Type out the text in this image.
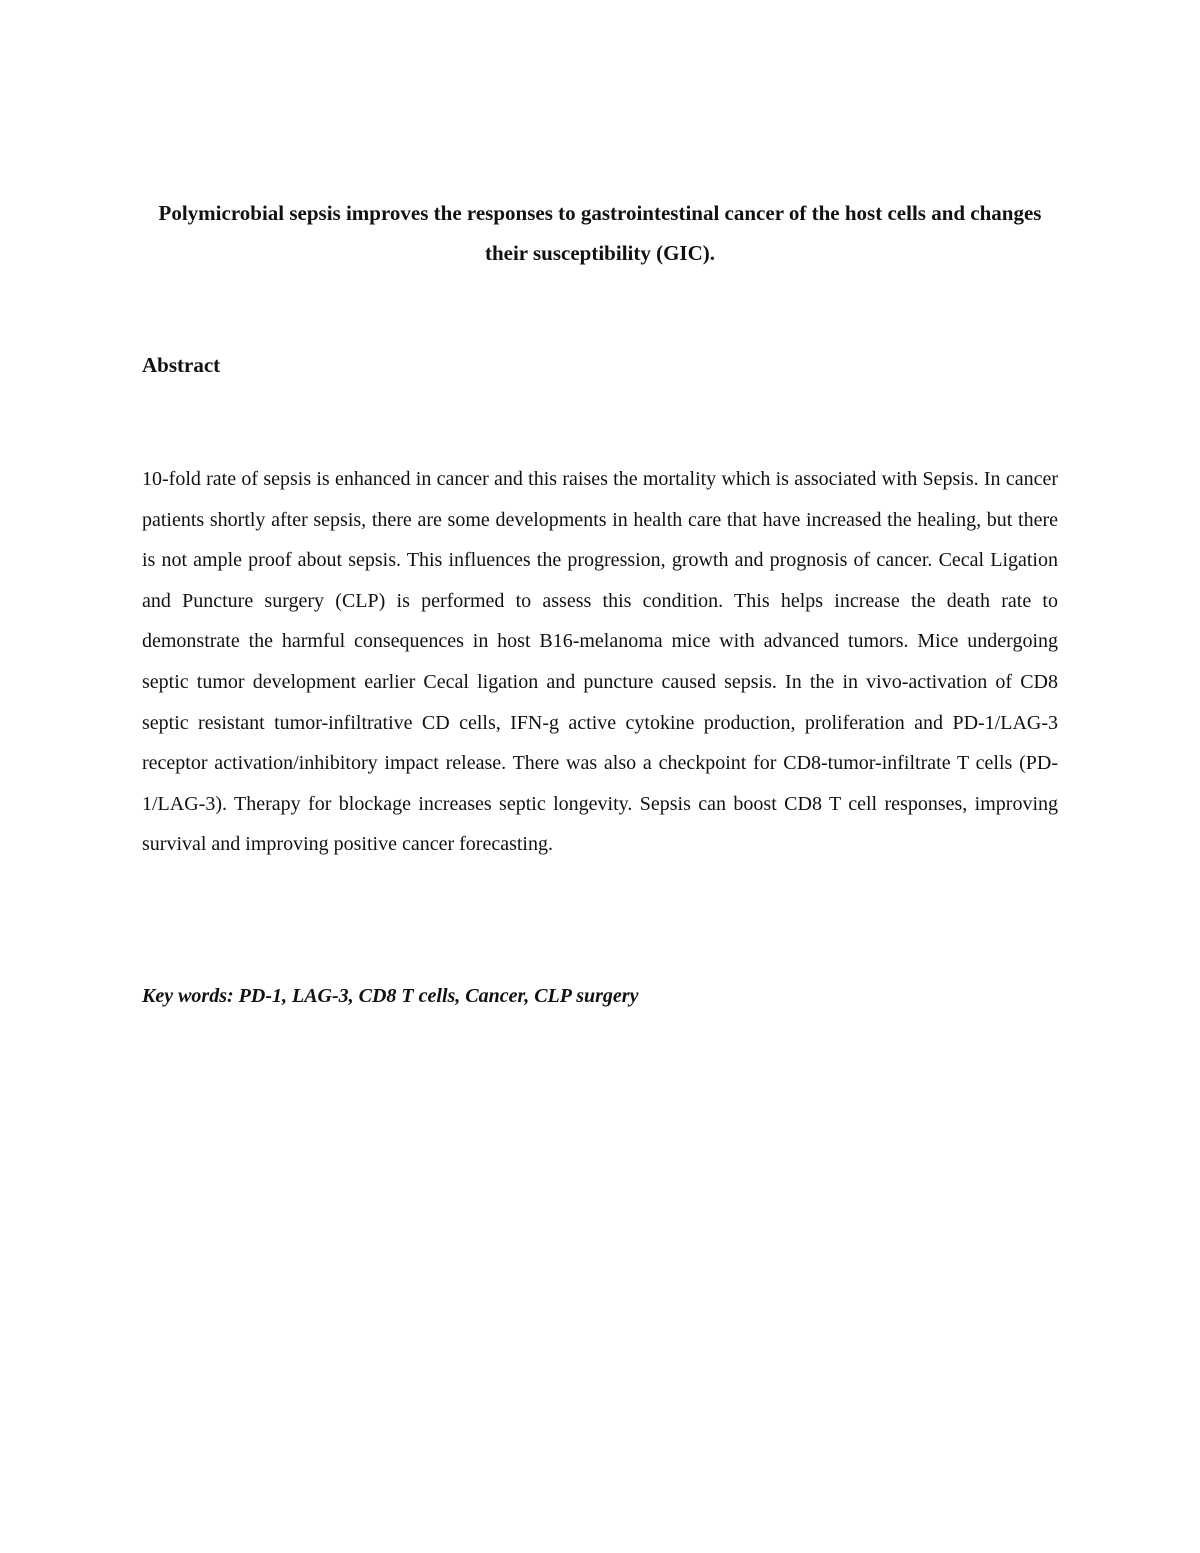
Polymicrobial sepsis improves the responses to gastrointestinal cancer of the host cells and changes their susceptibility (GIC).
Abstract

10-fold rate of sepsis is enhanced in cancer and this raises the mortality which is associated with Sepsis. In cancer patients shortly after sepsis, there are some developments in health care that have increased the healing, but there is not ample proof about sepsis. This influences the progression, growth and prognosis of cancer. Cecal Ligation and Puncture surgery (CLP) is performed to assess this condition. This helps increase the death rate to demonstrate the harmful consequences in host B16-melanoma mice with advanced tumors. Mice undergoing septic tumor development earlier Cecal ligation and puncture caused sepsis. In the in vivo-activation of CD8 septic resistant tumor-infiltrative CD cells, IFN-g active cytokine production, proliferation and PD-1/LAG-3 receptor activation/inhibitory impact release. There was also a checkpoint for CD8-tumor-infiltrate T cells (PD-1/LAG-3). Therapy for blockage increases septic longevity. Sepsis can boost CD8 T cell responses, improving survival and improving positive cancer forecasting.

Key words: PD-1, LAG-3, CD8 T cells, Cancer, CLP surgery
